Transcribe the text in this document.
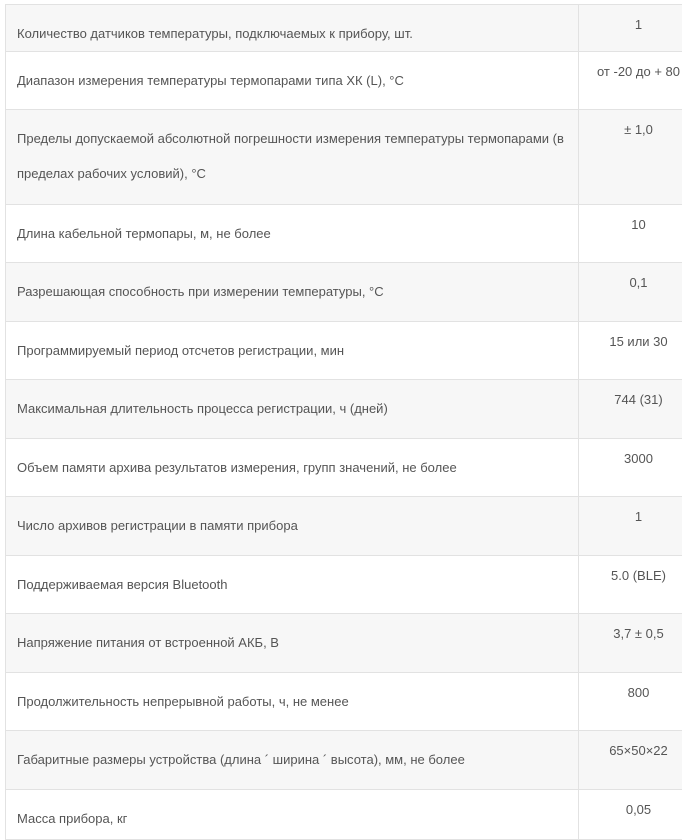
Количество датчиков температуры, подключаемых к прибору, шт.	1

Диапазон измерения температуры термопарами типа ХК (L), °С	от -20 до + 80

Пределы допускаемой абсолютной погрешности измерения температуры термопарами (в пределах рабочих условий), °С	± 1,0

Длина кабельной термопары, м, не более	10

Разрешающая способность при измерении температуры, °С	0,1

Программируемый период отсчетов регистрации, мин	15 или 30

Максимальная длительность процесса регистрации, ч (дней)	744 (31)

Объем памяти архива результатов измерения, групп значений, не более	3000

Число архивов регистрации в памяти прибора	1

Поддерживаемая версия Bluetooth	5.0 (BLE)

Напряжение питания от встроенной АКБ, В	3,7 ± 0,5

Продолжительность непрерывной работы, ч, не менее	800

Габаритные размеры устройства (длина ´ ширина ´ высота), мм, не более	65×50×22

Масса прибора, кг	0,05
